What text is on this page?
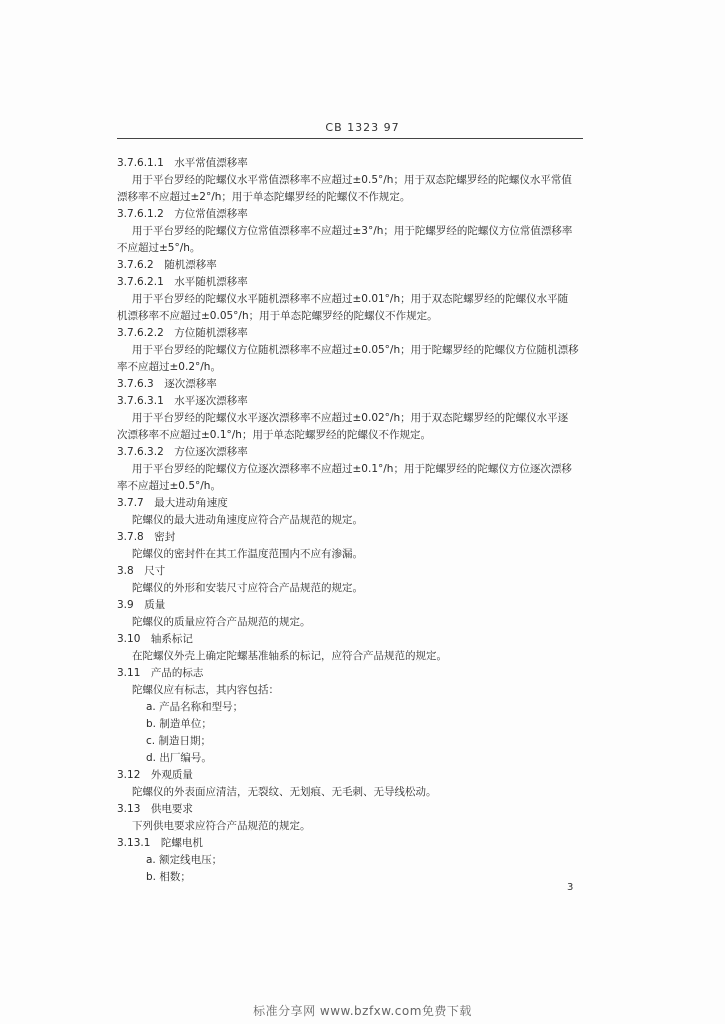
CB 1323 97
3.7.6.1.1　水平常值漂移率
用于平台罗经的陀螺仪水平常值漂移率不应超过±0.5°/h；用于双态陀螺罗经的陀螺仪水平常值
漂移率不应超过±2°/h；用于单态陀螺罗经的陀螺仪不作规定。
3.7.6.1.2　方位常值漂移率
用于平台罗经的陀螺仪方位常值漂移率不应超过±3°/h；用于陀螺罗经的陀螺仪方位常值漂移率
不应超过±5°/h。
3.7.6.2　随机漂移率
3.7.6.2.1　水平随机漂移率
用于平台罗经的陀螺仪水平随机漂移率不应超过±0.01°/h；用于双态陀螺罗经的陀螺仪水平随
机漂移率不应超过±0.05°/h；用于单态陀螺罗经的陀螺仪不作规定。
3.7.6.2.2　方位随机漂移率
用于平台罗经的陀螺仪方位随机漂移率不应超过±0.05°/h；用于陀螺罗经的陀螺仪方位随机漂移
率不应超过±0.2°/h。
3.7.6.3　逐次漂移率
3.7.6.3.1　水平逐次漂移率
用于平台罗经的陀螺仪水平逐次漂移率不应超过±0.02°/h；用于双态陀螺罗经的陀螺仪水平逐
次漂移率不应超过±0.1°/h；用于单态陀螺罗经的陀螺仪不作规定。
3.7.6.3.2　方位逐次漂移率
用于平台罗经的陀螺仪方位逐次漂移率不应超过±0.1°/h；用于陀螺罗经的陀螺仪方位逐次漂移
率不应超过±0.5°/h。
3.7.7　最大进动角速度
陀螺仪的最大进动角速度应符合产品规范的规定。
3.7.8　密封
陀螺仪的密封件在其工作温度范围内不应有渗漏。
3.8　尺寸
陀螺仪的外形和安装尺寸应符合产品规范的规定。
3.9　质量
陀螺仪的质量应符合产品规范的规定。
3.10　轴系标记
在陀螺仪外壳上确定陀螺基准轴系的标记，应符合产品规范的规定。
3.11　产品的标志
陀螺仪应有标志，其内容包括：
a. 产品名称和型号；
b. 制造单位；
c. 制造日期；
d. 出厂编号。
3.12　外观质量
陀螺仪的外表面应清洁，无裂纹、无划痕、无毛刺、无导线松动。
3.13　供电要求
下列供电要求应符合产品规范的规定。
3.13.1　陀螺电机
a. 额定线电压；
b. 相数；
3
标准分享网 www.bzfxw.com免费下载
